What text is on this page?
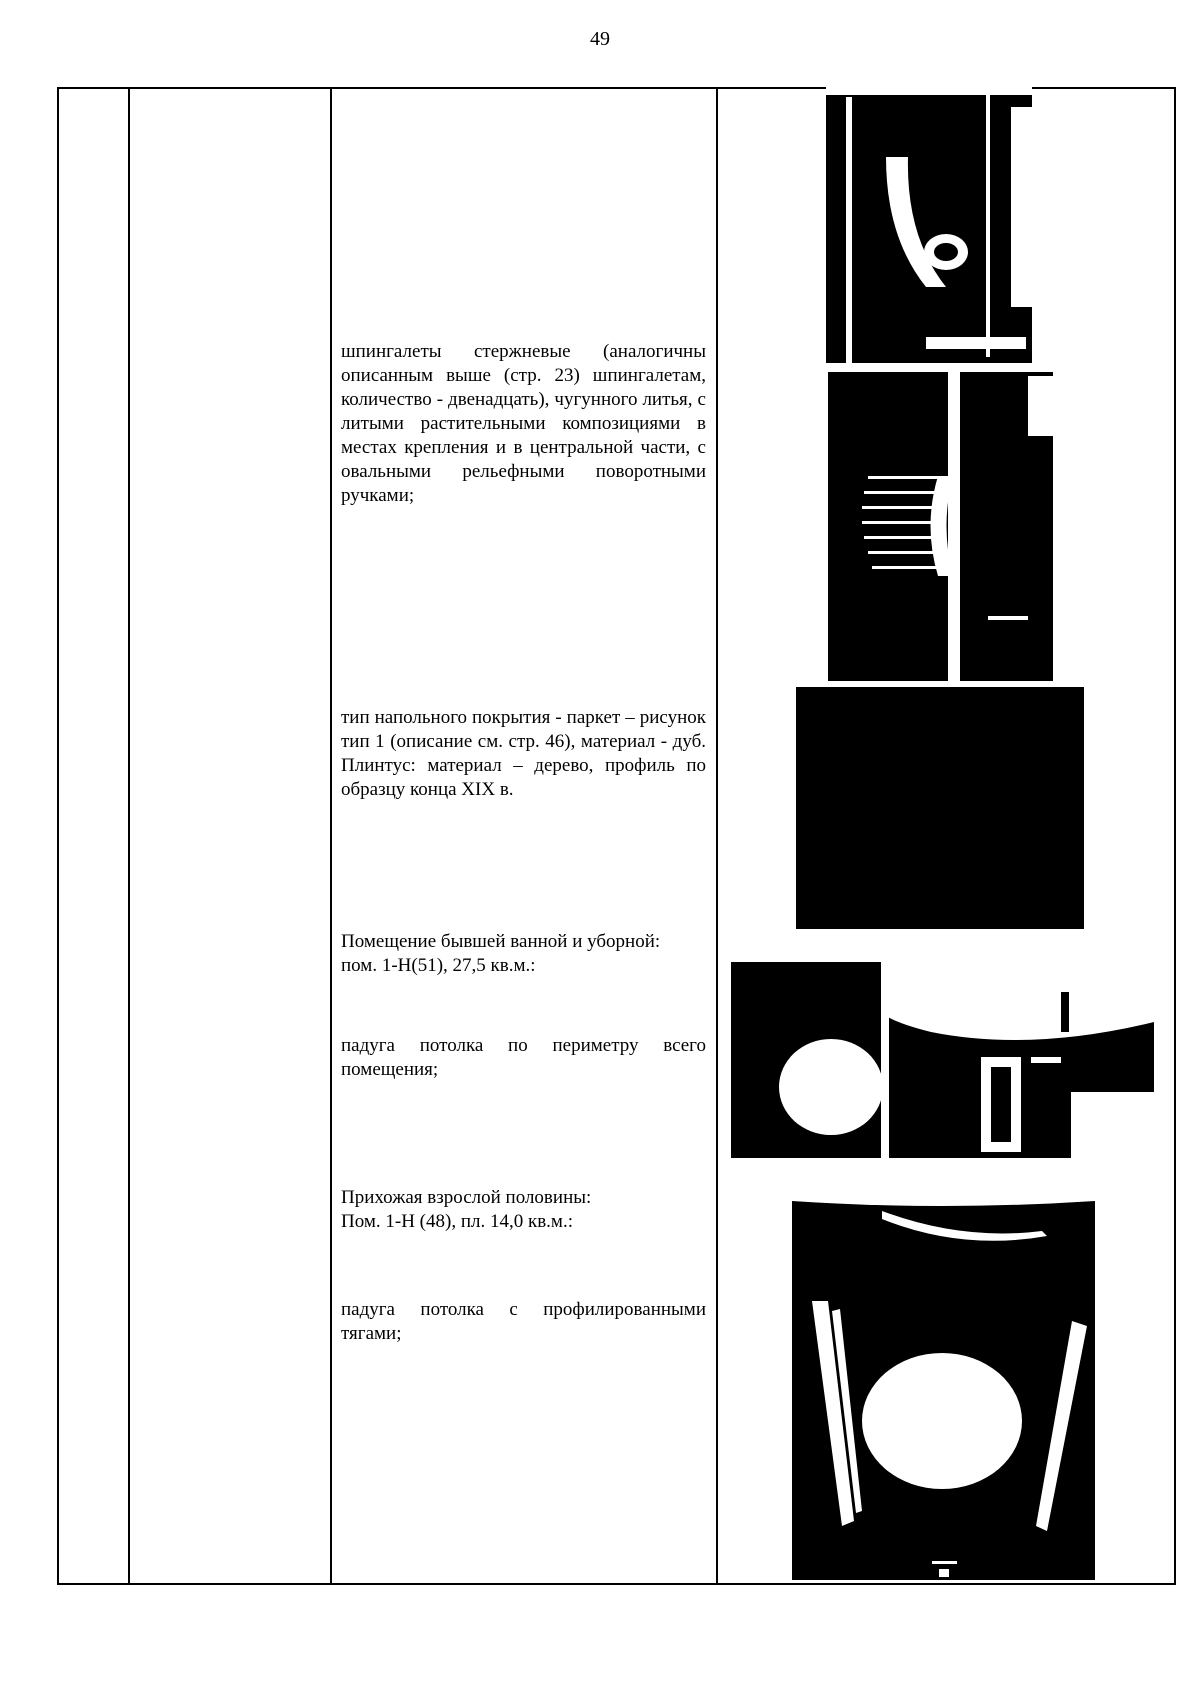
49

шпингалеты стержневые (аналогичны описанным выше (стр. 23) шпингалетам, количество - двенадцать), чугунного литья, с литыми растительными композициями в местах крепления и в центральной части, с овальными рельефными поворотными ручками;

тип напольного покрытия - паркет – рисунок тип 1 (описание см. стр. 46), материал - дуб. Плинтус: материал – дерево, профиль по образцу конца XIX в.

Помещение бывшей ванной и уборной:

пом. 1-Н(51), 27,5 кв.м.:

падуга потолка по периметру всего помещения;

Прихожая взрослой половины:

Пом. 1-Н (48), пл. 14,0 кв.м.:

падуга потолка с профилированными тягами;
